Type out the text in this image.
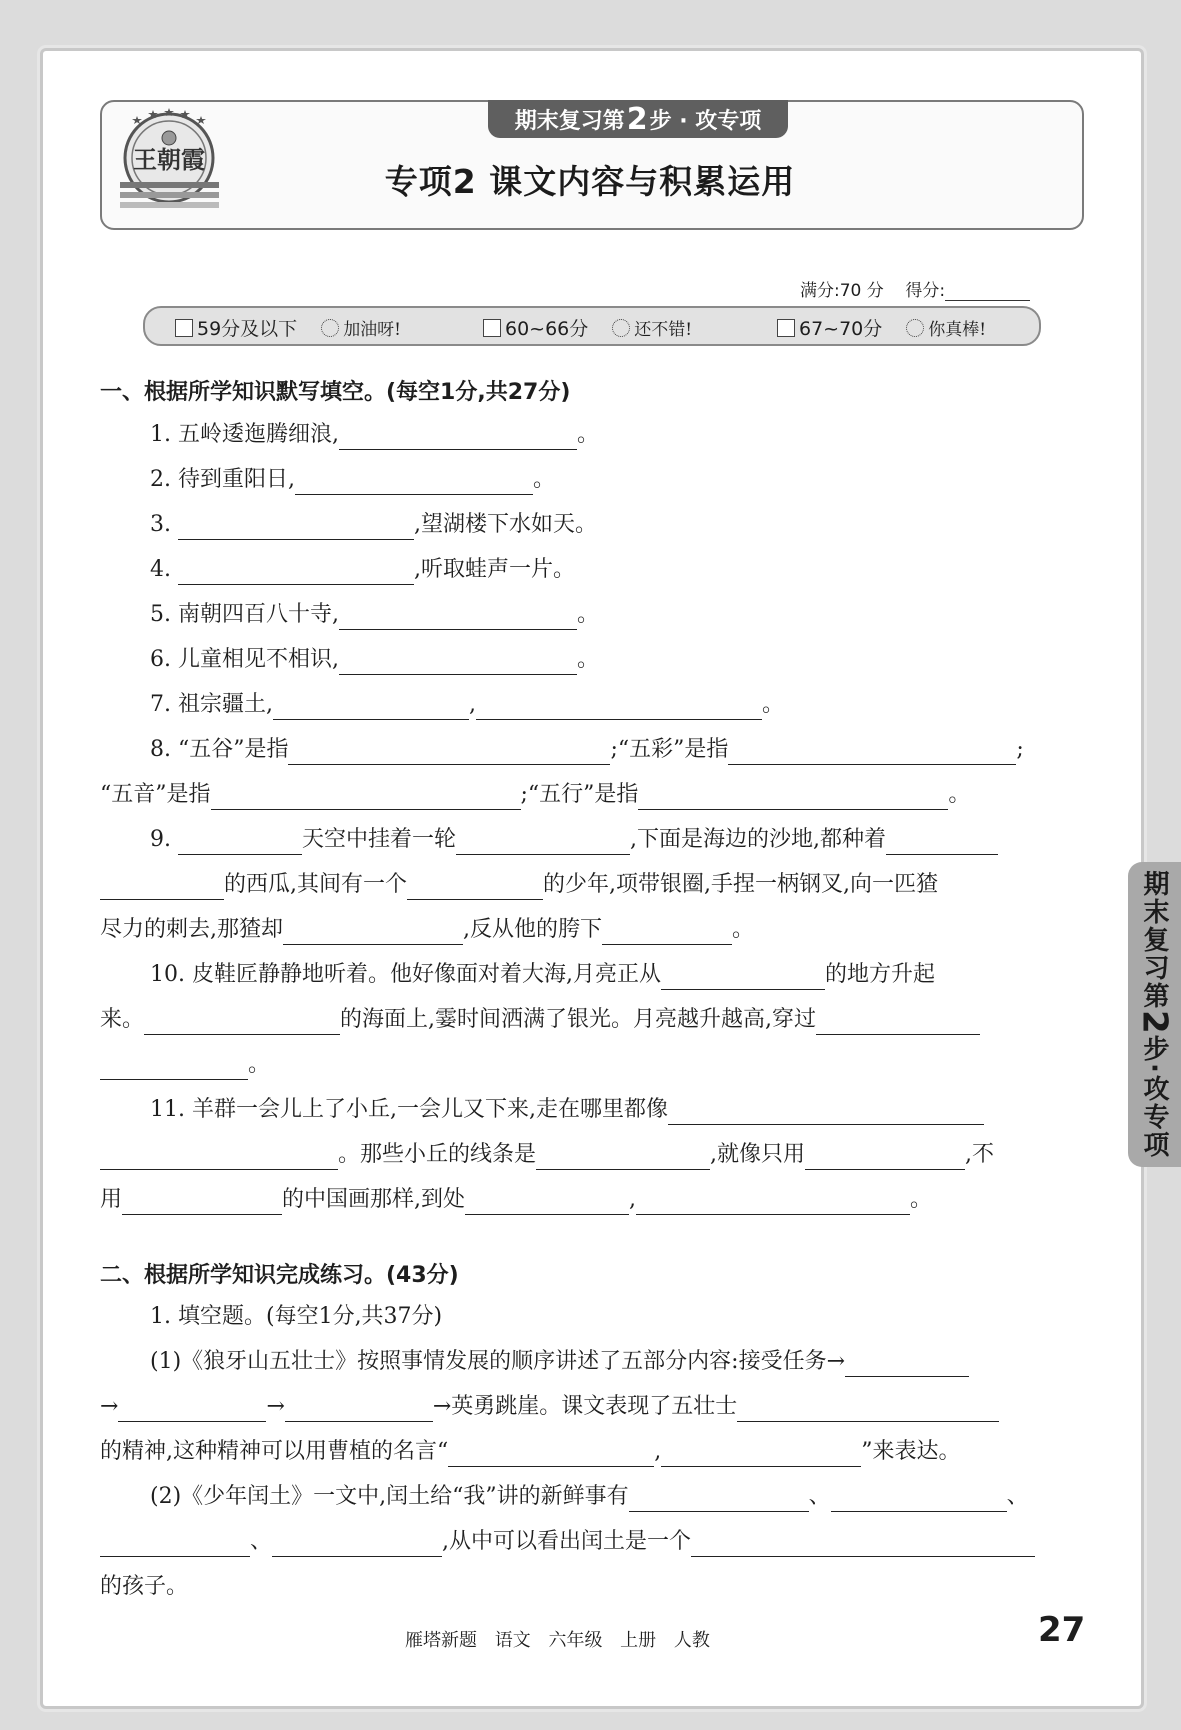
王朝霞
期末复习第 2 步 · 攻专项
专项2 课文内容与积累运用
满分:70 分 得分:
59分及以下	加油呀!	60~66分	还不错!	67~70分	你真棒!
一、根据所学知识默写填空。(每空1分,共27分)
1. 五岭逶迤腾细浪,	。
2. 待到重阳日,	。
3.	,望湖楼下水如天。
4.	,听取蛙声一片。
5. 南朝四百八十寺,	。
6. 儿童相见不相识,	。
7. 祖宗疆土,	,	。
8. “五谷”是指	;“五彩”是指	;
“五音”是指	;“五行”是指	。
9.	天空中挂着一轮	,下面是海边的沙地,都种着
的西瓜,其间有一个	的少年,项带银圈,手捏一柄钢叉,向一匹猹
尽力的刺去,那猹却	,反从他的胯下	。
10. 皮鞋匠静静地听着。他好像面对着大海,月亮正从	的地方升起
来。	的海面上,霎时间洒满了银光。月亮越升越高,穿过
。
11. 羊群一会儿上了小丘,一会儿又下来,走在哪里都像
。那些小丘的线条是	,就像只用	,不
用	的中国画那样,到处	,	。
二、根据所学知识完成练习。(43分)
1. 填空题。(每空1分,共37分)
(1)《狼牙山五壮士》按照事情发展的顺序讲述了五部分内容:接受任务→
→	→	→英勇跳崖。课文表现了五壮士
的精神,这种精神可以用曹植的名言“	,	”来表达。
(2)《少年闰土》一文中,闰土给“我”讲的新鲜事有	、	、
、	,从中可以看出闰土是一个
的孩子。
期末复习第
2
步·攻专项
雁塔新题 语文 六年级 上册 人教	27
